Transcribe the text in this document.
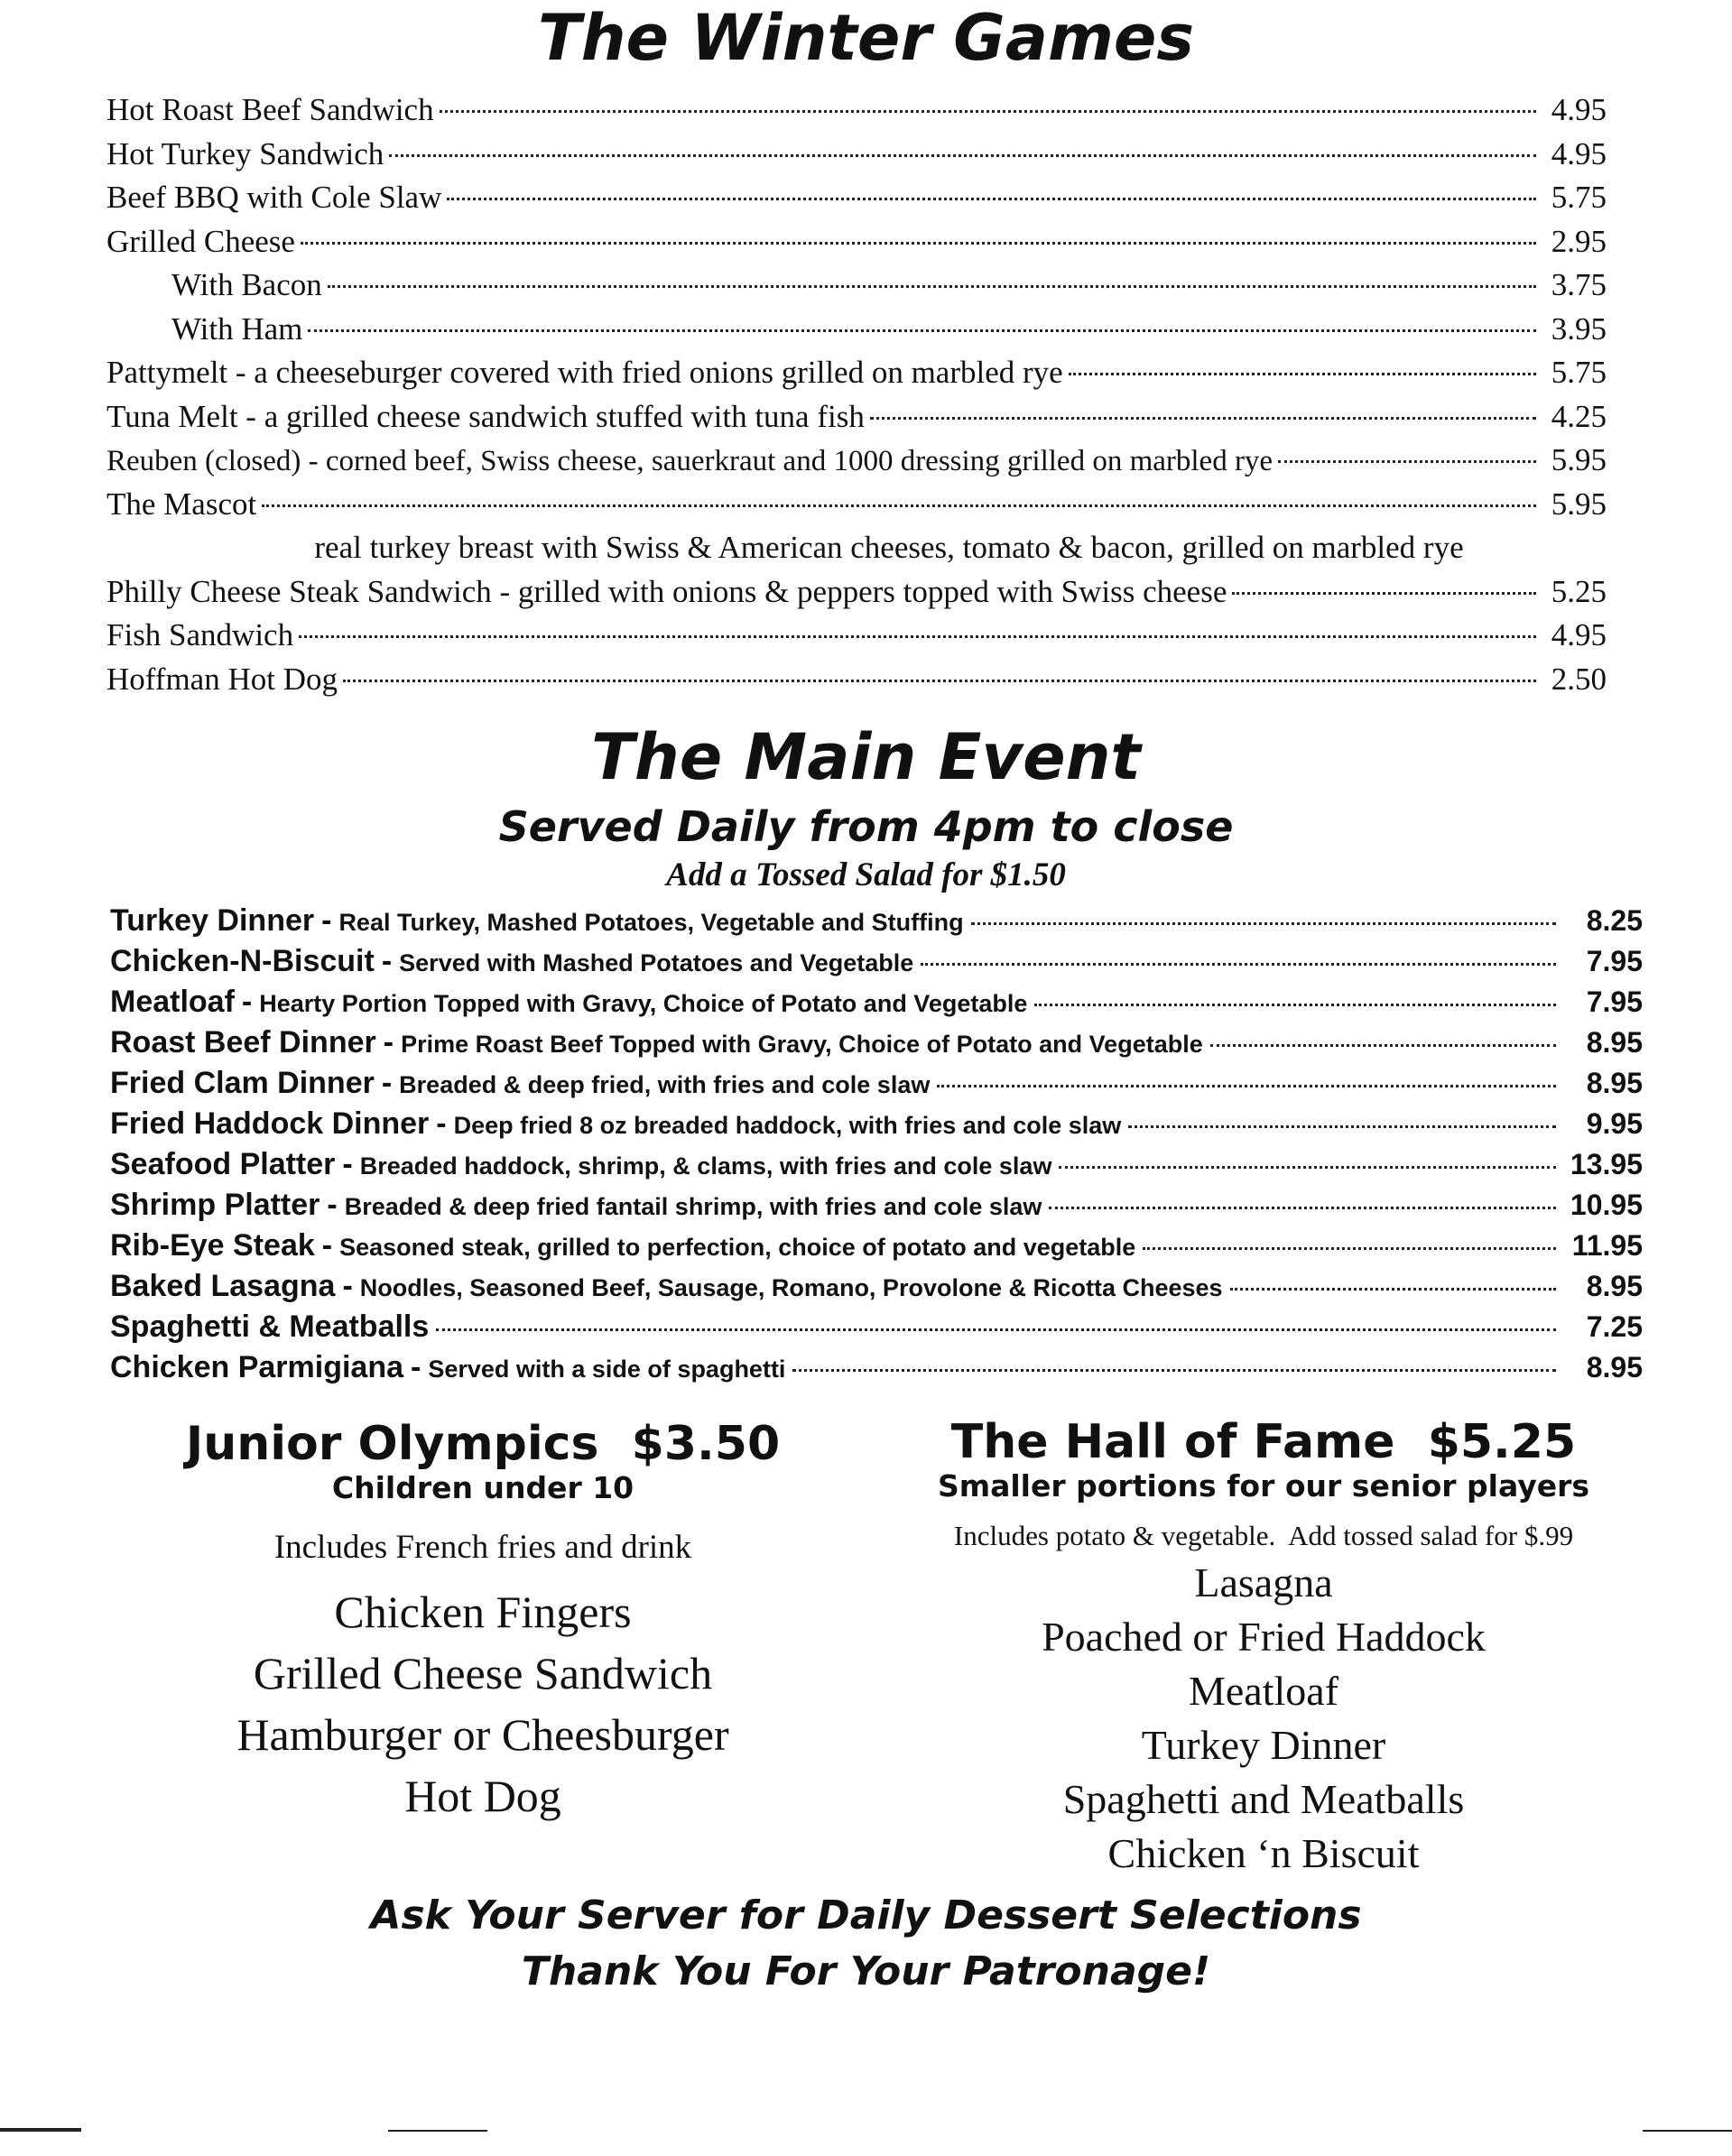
The Winter Games
Hot Roast Beef Sandwich	4.95
Hot Turkey Sandwich	4.95
Beef BBQ with Cole Slaw	5.75
Grilled Cheese	2.95
With Bacon	3.75
With Ham	3.95
Pattymelt - a cheeseburger covered with fried onions grilled on marbled rye	5.75
Tuna Melt - a grilled cheese sandwich stuffed with tuna fish	4.25
Reuben (closed) - corned beef, Swiss cheese, sauerkraut and 1000 dressing grilled on marbled rye	5.95
The Mascot	5.95
real turkey breast with Swiss & American cheeses, tomato & bacon, grilled on marbled rye
Philly Cheese Steak Sandwich - grilled with onions & peppers topped with Swiss cheese	5.25
Fish Sandwich	4.95
Hoffman Hot Dog	2.50
The Main Event
Served Daily from 4pm to close
Add a Tossed Salad for $1.50
Turkey Dinner - Real Turkey, Mashed Potatoes, Vegetable and Stuffing	8.25
Chicken-N-Biscuit - Served with Mashed Potatoes and Vegetable	7.95
Meatloaf - Hearty Portion Topped with Gravy, Choice of Potato and Vegetable	7.95
Roast Beef Dinner - Prime Roast Beef Topped with Gravy, Choice of Potato and Vegetable	8.95
Fried Clam Dinner - Breaded & deep fried, with fries and cole slaw	8.95
Fried Haddock Dinner - Deep fried 8 oz breaded haddock, with fries and cole slaw	9.95
Seafood Platter - Breaded haddock, shrimp, & clams, with fries and cole slaw	13.95
Shrimp Platter - Breaded & deep fried fantail shrimp, with fries and cole slaw	10.95
Rib-Eye Steak - Seasoned steak, grilled to perfection, choice of potato and vegetable	11.95
Baked Lasagna - Noodles, Seasoned Beef, Sausage, Romano, Provolone & Ricotta Cheeses	8.95
Spaghetti & Meatballs	7.25
Chicken Parmigiana - Served with a side of spaghetti	8.95
Junior Olympics  $3.50
Children under 10
Includes French fries and drink
Chicken Fingers
Grilled Cheese Sandwich
Hamburger or Cheesburger
Hot Dog
The Hall of Fame  $5.25
Smaller portions for our senior players
Includes potato & vegetable.  Add tossed salad for $.99
Lasagna
Poached or Fried Haddock
Meatloaf
Turkey Dinner
Spaghetti and Meatballs
Chicken ‘n Biscuit
Ask Your Server for Daily Dessert Selections
Thank You For Your Patronage!
